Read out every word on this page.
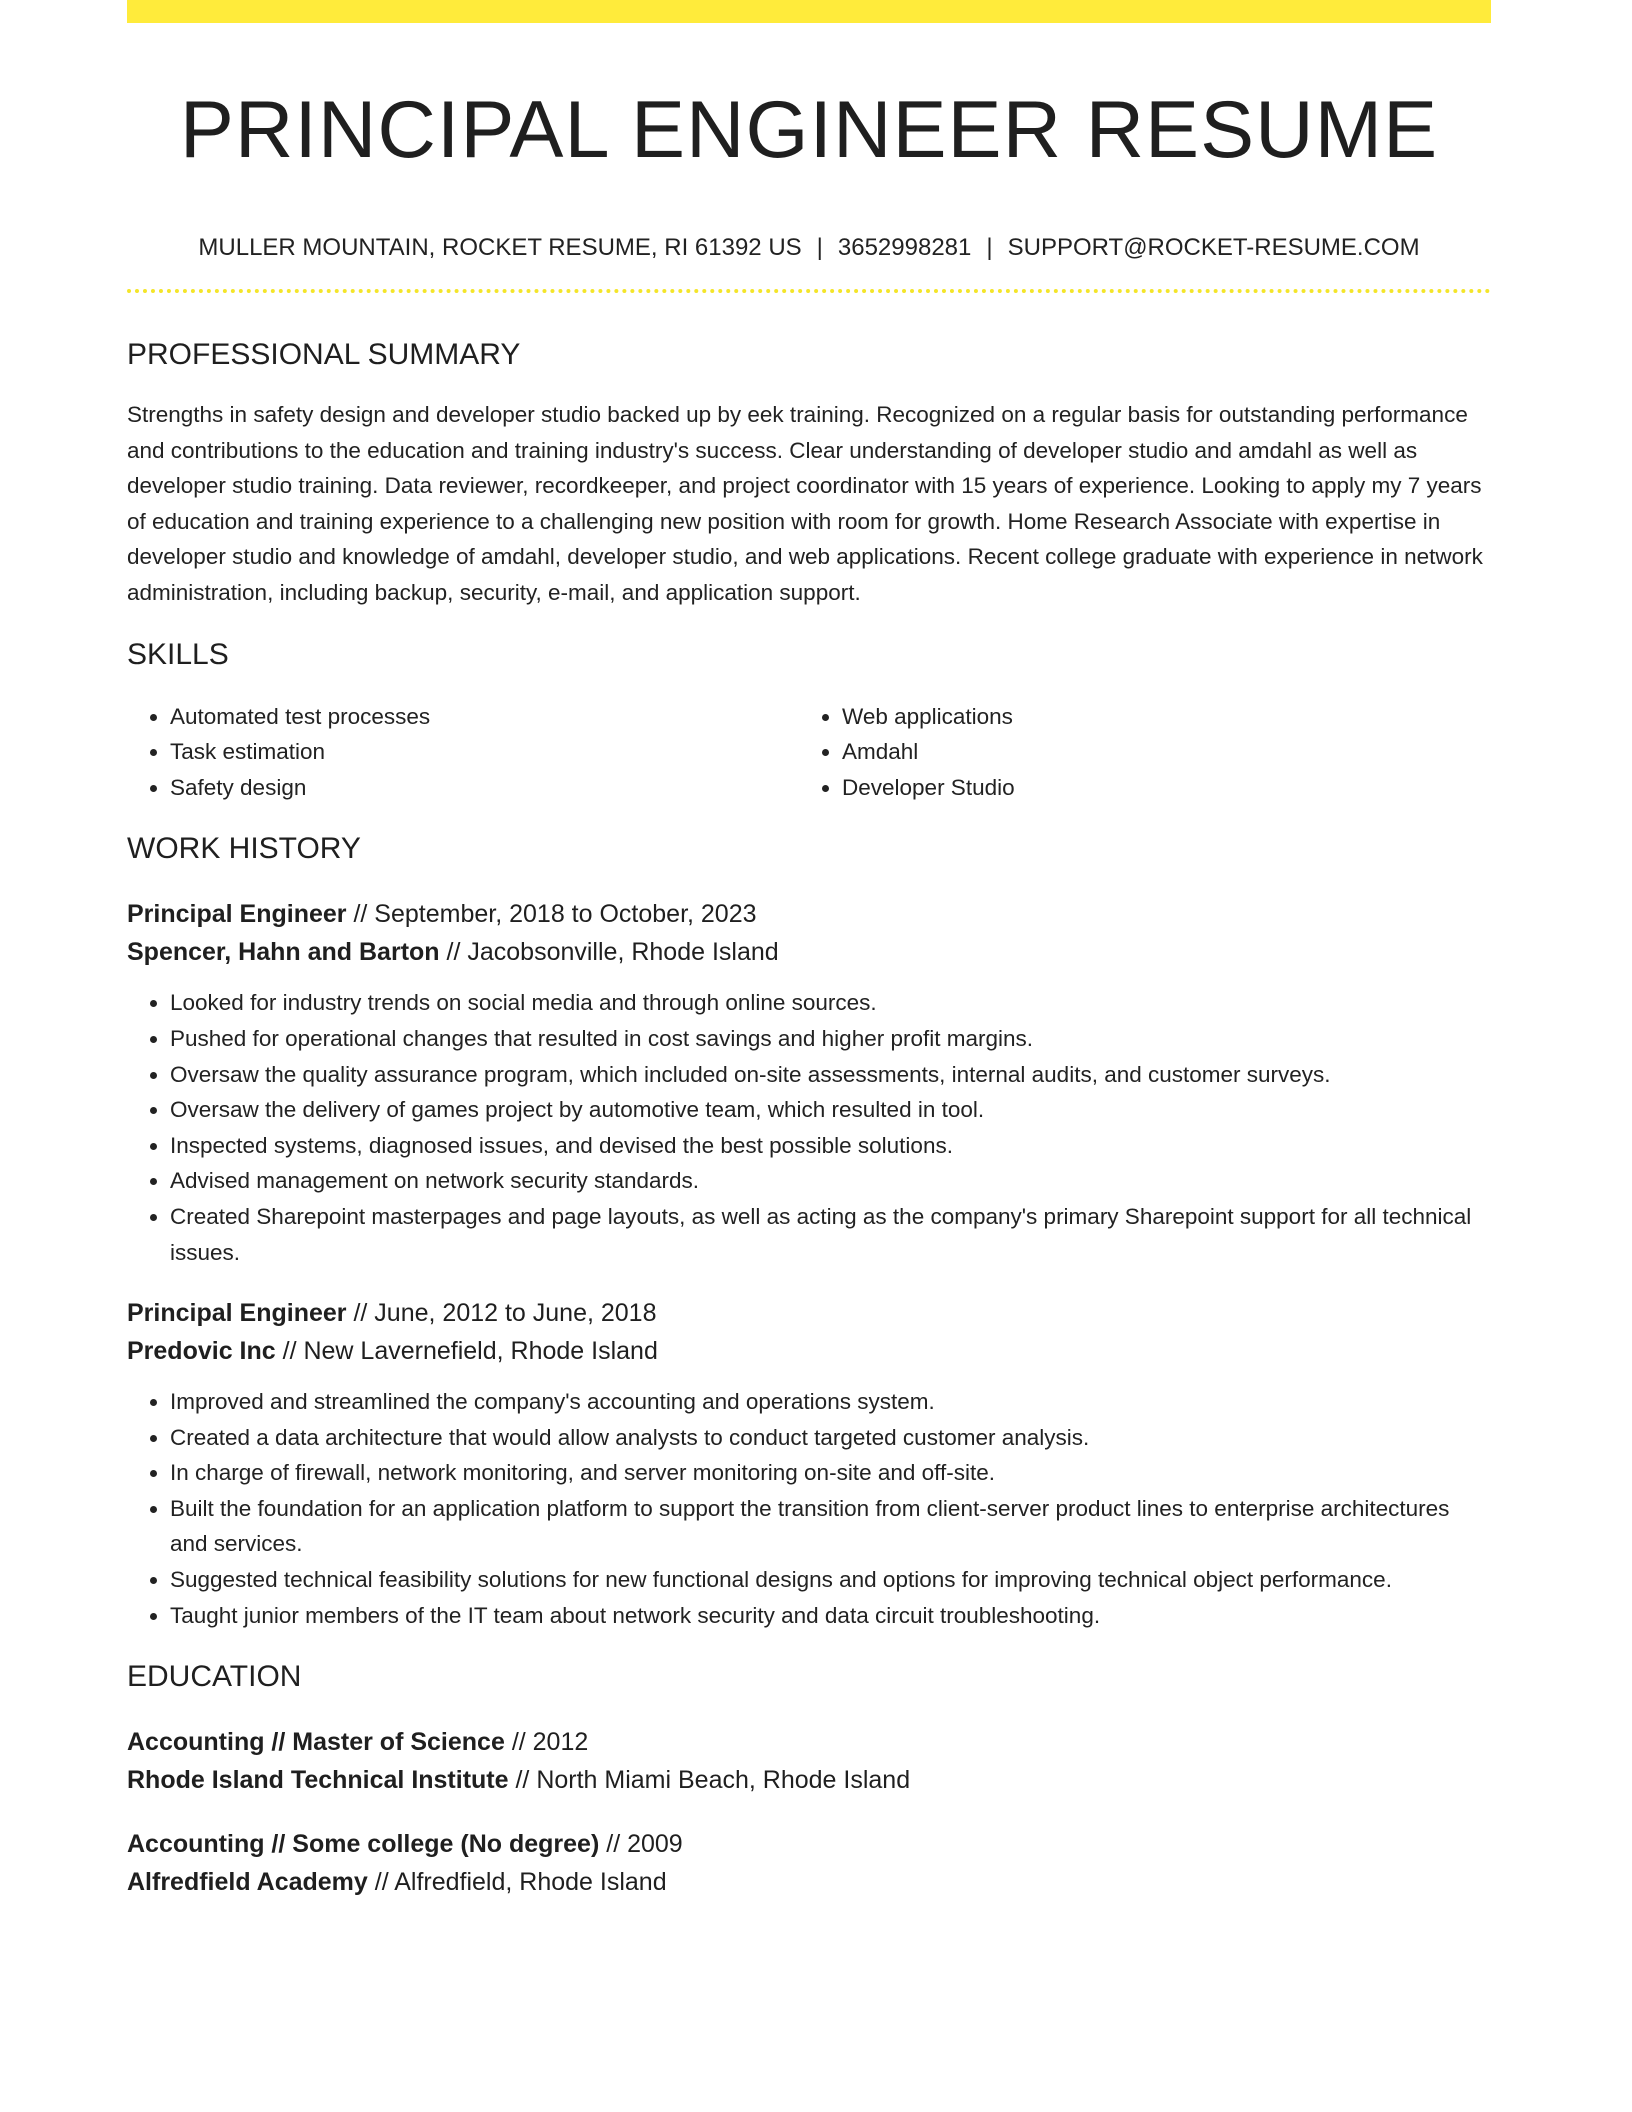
PRINCIPAL ENGINEER RESUME
MULLER MOUNTAIN, ROCKET RESUME, RI 61392 US | 3652998281 | SUPPORT@ROCKET-RESUME.COM
PROFESSIONAL SUMMARY

Strengths in safety design and developer studio backed up by eek training. Recognized on a regular basis for outstanding performance and contributions to the education and training industry's success. Clear understanding of developer studio and amdahl as well as developer studio training. Data reviewer, recordkeeper, and project coordinator with 15 years of experience. Looking to apply my 7 years of education and training experience to a challenging new position with room for growth. Home Research Associate with expertise in developer studio and knowledge of amdahl, developer studio, and web applications. Recent college graduate with experience in network administration, including backup, security, e-mail, and application support.

SKILLS
• Automated test processes
• Task estimation
• Safety design
• Web applications
• Amdahl
• Developer Studio
WORK HISTORY
Principal Engineer // September, 2018 to October, 2023
Spencer, Hahn and Barton // Jacobsonville, Rhode Island
• Looked for industry trends on social media and through online sources.
• Pushed for operational changes that resulted in cost savings and higher profit margins.
• Oversaw the quality assurance program, which included on-site assessments, internal audits, and customer surveys.
• Oversaw the delivery of games project by automotive team, which resulted in tool.
• Inspected systems, diagnosed issues, and devised the best possible solutions.
• Advised management on network security standards.
• Created Sharepoint masterpages and page layouts, as well as acting as the company's primary Sharepoint support for all technical issues.
Principal Engineer // June, 2012 to June, 2018
Predovic Inc // New Lavernefield, Rhode Island
• Improved and streamlined the company's accounting and operations system.
• Created a data architecture that would allow analysts to conduct targeted customer analysis.
• In charge of firewall, network monitoring, and server monitoring on-site and off-site.
• Built the foundation for an application platform to support the transition from client-server product lines to enterprise architectures and services.
• Suggested technical feasibility solutions for new functional designs and options for improving technical object performance.
• Taught junior members of the IT team about network security and data circuit troubleshooting.
EDUCATION
Accounting // Master of Science // 2012
Rhode Island Technical Institute // North Miami Beach, Rhode Island
Accounting // Some college (No degree) // 2009
Alfredfield Academy // Alfredfield, Rhode Island
